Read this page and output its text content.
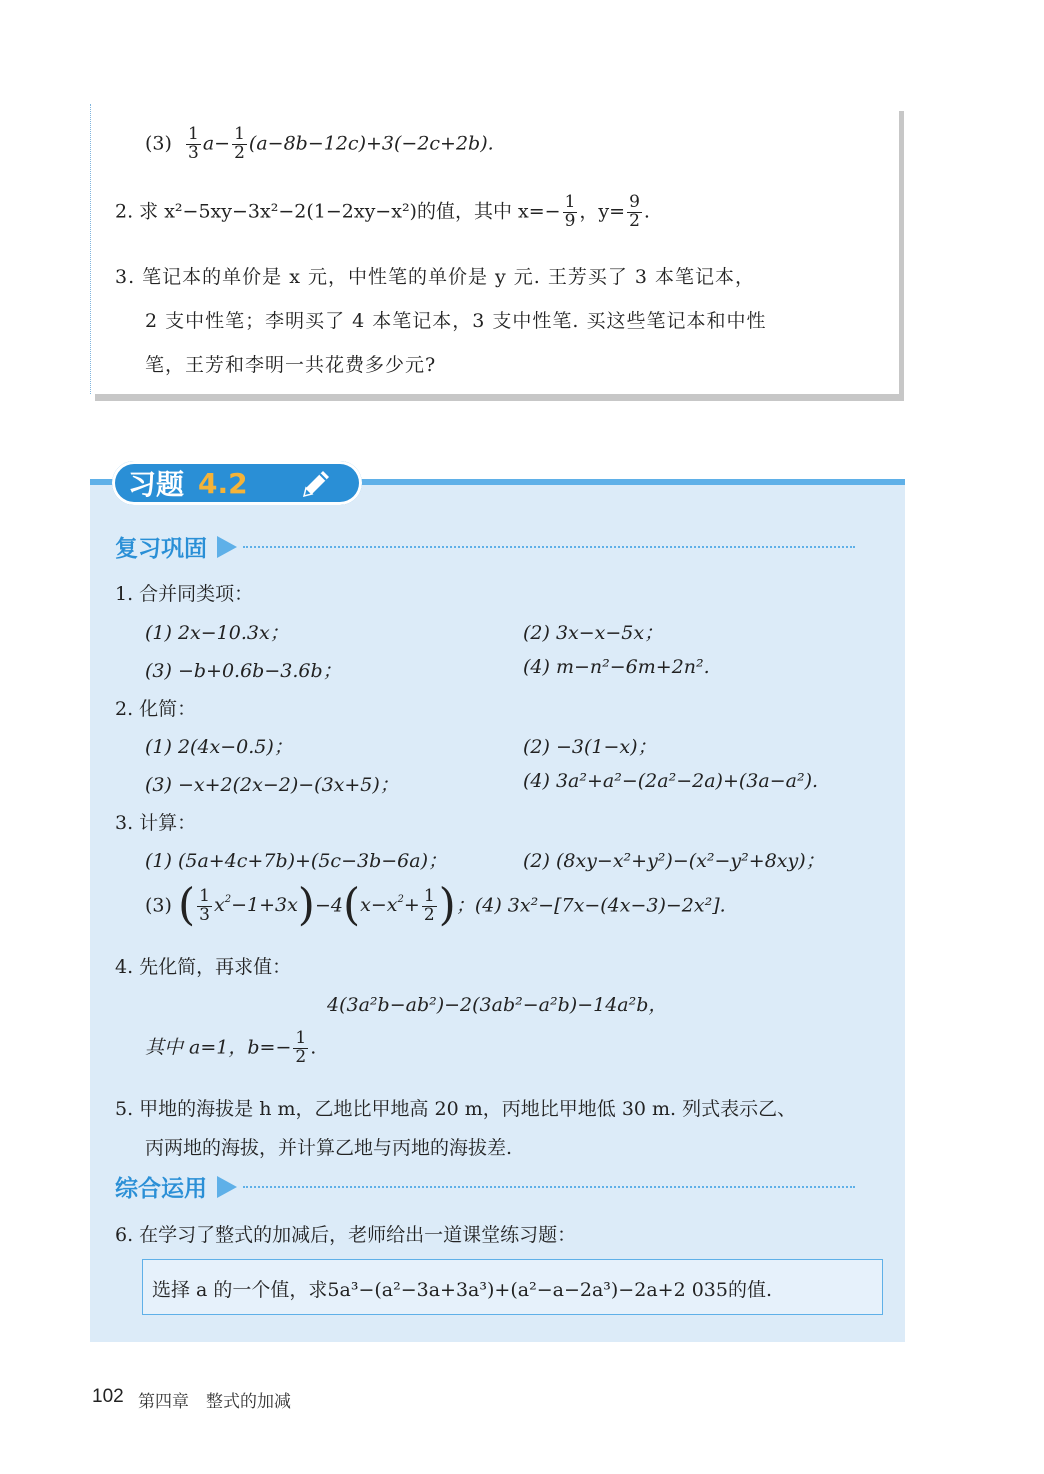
$(3) \frac{1}{3} a- \frac{1}{2} (a-8b-12c)+3(-2c+2b)$.
2. 求 x²−5xy−3x²−2(1−2xy−x²)的值，其中 $x=- \frac{1}{9}$ ，$y= \frac{9}{2}$ .
3. 笔记本的单价是 x 元，中性笔的单价是 y 元. 王芳买了 3 本笔记本，
2 支中性笔；李明买了 4 本笔记本，3 支中性笔. 买这些笔记本和中性
笔，王芳和李明一共花费多少元?
习题 4.2
复习巩固
1. 合并同类项：
(1) 2x−10.3x；	(2) 3x−x−5x；
(3) −b+0.6b−3.6b；	(4) m−n²−6m+2n².
2. 化简：
(1) 2(4x−0.5)；	(2) −3(1−x)；
(3) −x+2(2x−2)−(3x+5)；	(4) 3a²+a²−(2a²−2a)+(3a−a²).
3. 计算：
(1) (5a+4c+7b)+(5c−3b−6a)；	(2) (8xy−x²+y²)−(x²−y²+8xy)；
(3) ( $\frac{1}{3} x^2-1+3x)-4(x-x^2+ \frac{1}{2}$ )；(4) 3x²−[7x−(4x−3)−2x²].
4. 先化简，再求值：
4(3a²b−ab²)−2(3ab²−a²b)−14a²b，
其中 a=1，$b=- \frac{1}{2}$ .
5. 甲地的海拔是 h m，乙地比甲地高 20 m，丙地比甲地低 30 m. 列式表示乙、
丙两地的海拔，并计算乙地与丙地的海拔差.
综合运用
6. 在学习了整式的加减后，老师给出一道课堂练习题：
选择 a 的一个值，求5a³−(a²−3a+3a³)+(a²−a−2a³)−2a+2 035的值.
102 第四章　整式的加减
